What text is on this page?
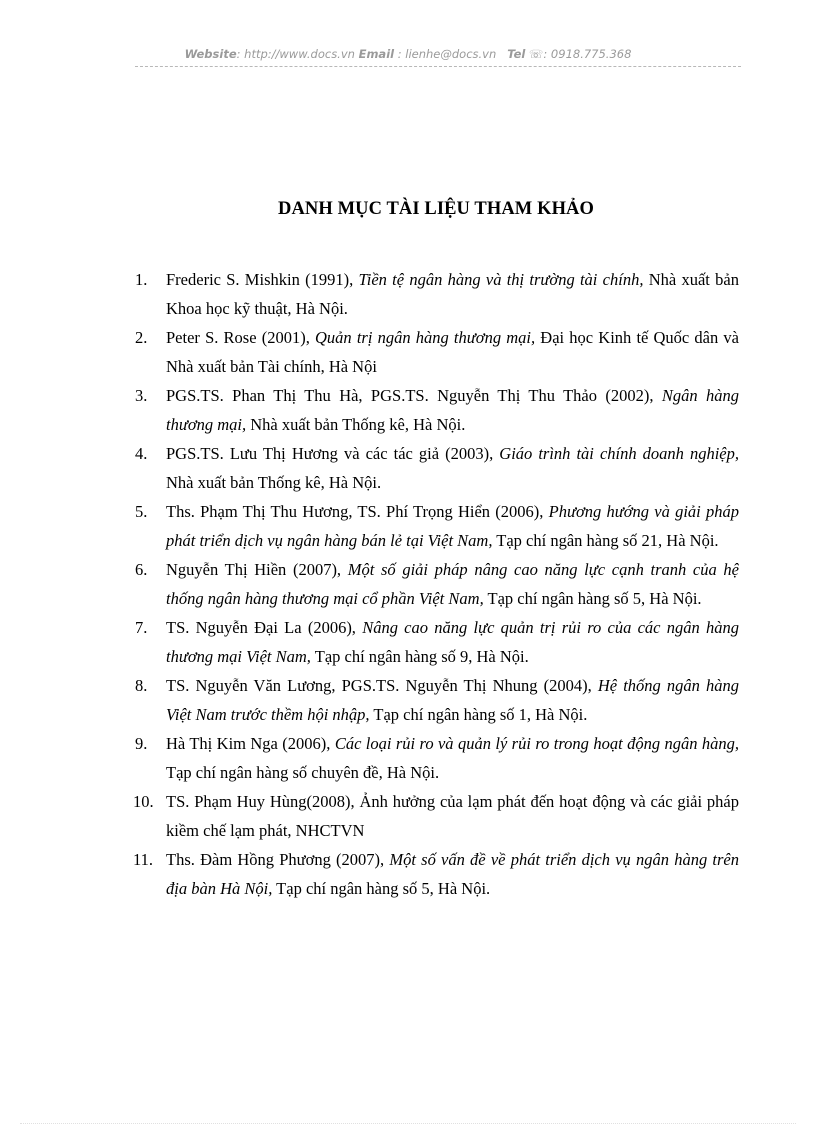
Website: http://www.docs.vn Email : lienhe@docs.vn Tel ☏: 0918.775.368
DANH MỤC TÀI LIỆU THAM KHẢO
1. Frederic S. Mishkin (1991), Tiền tệ ngân hàng và thị trường tài chính, Nhà xuất bản Khoa học kỹ thuật, Hà Nội.
2. Peter S. Rose (2001), Quản trị ngân hàng thương mại, Đại học Kinh tế Quốc dân và Nhà xuất bản Tài chính, Hà Nội
3. PGS.TS. Phan Thị Thu Hà, PGS.TS. Nguyễn Thị Thu Thảo (2002), Ngân hàng thương mại, Nhà xuất bản Thống kê, Hà Nội.
4. PGS.TS. Lưu Thị Hương và các tác giả (2003), Giáo trình tài chính doanh nghiệp, Nhà xuất bản Thống kê, Hà Nội.
5. Ths. Phạm Thị Thu Hương, TS. Phí Trọng Hiển (2006), Phương hướng và giải pháp phát triển dịch vụ ngân hàng bán lẻ tại Việt Nam, Tạp chí ngân hàng số 21, Hà Nội.
6. Nguyễn Thị Hiền (2007), Một số giải pháp nâng cao năng lực cạnh tranh của hệ thống ngân hàng thương mại cổ phần Việt Nam, Tạp chí ngân hàng số 5, Hà Nội.
7. TS. Nguyễn Đại La (2006), Nâng cao năng lực quản trị rủi ro của các ngân hàng thương mại Việt Nam, Tạp chí ngân hàng số 9, Hà Nội.
8. TS. Nguyễn Văn Lương, PGS.TS. Nguyễn Thị Nhung (2004), Hệ thống ngân hàng Việt Nam trước thềm hội nhập, Tạp chí ngân hàng số 1, Hà Nội.
9. Hà Thị Kim Nga (2006), Các loại rủi ro và quản lý rủi ro trong hoạt động ngân hàng, Tạp chí ngân hàng số chuyên đề, Hà Nội.
10. TS. Phạm Huy Hùng(2008), Ảnh hưởng của lạm phát đến hoạt động và các giải pháp kiềm chế lạm phát, NHCTVN
11. Ths. Đàm Hồng Phương (2007), Một số vấn đề về phát triển dịch vụ ngân hàng trên địa bàn Hà Nội, Tạp chí ngân hàng số 5, Hà Nội.
